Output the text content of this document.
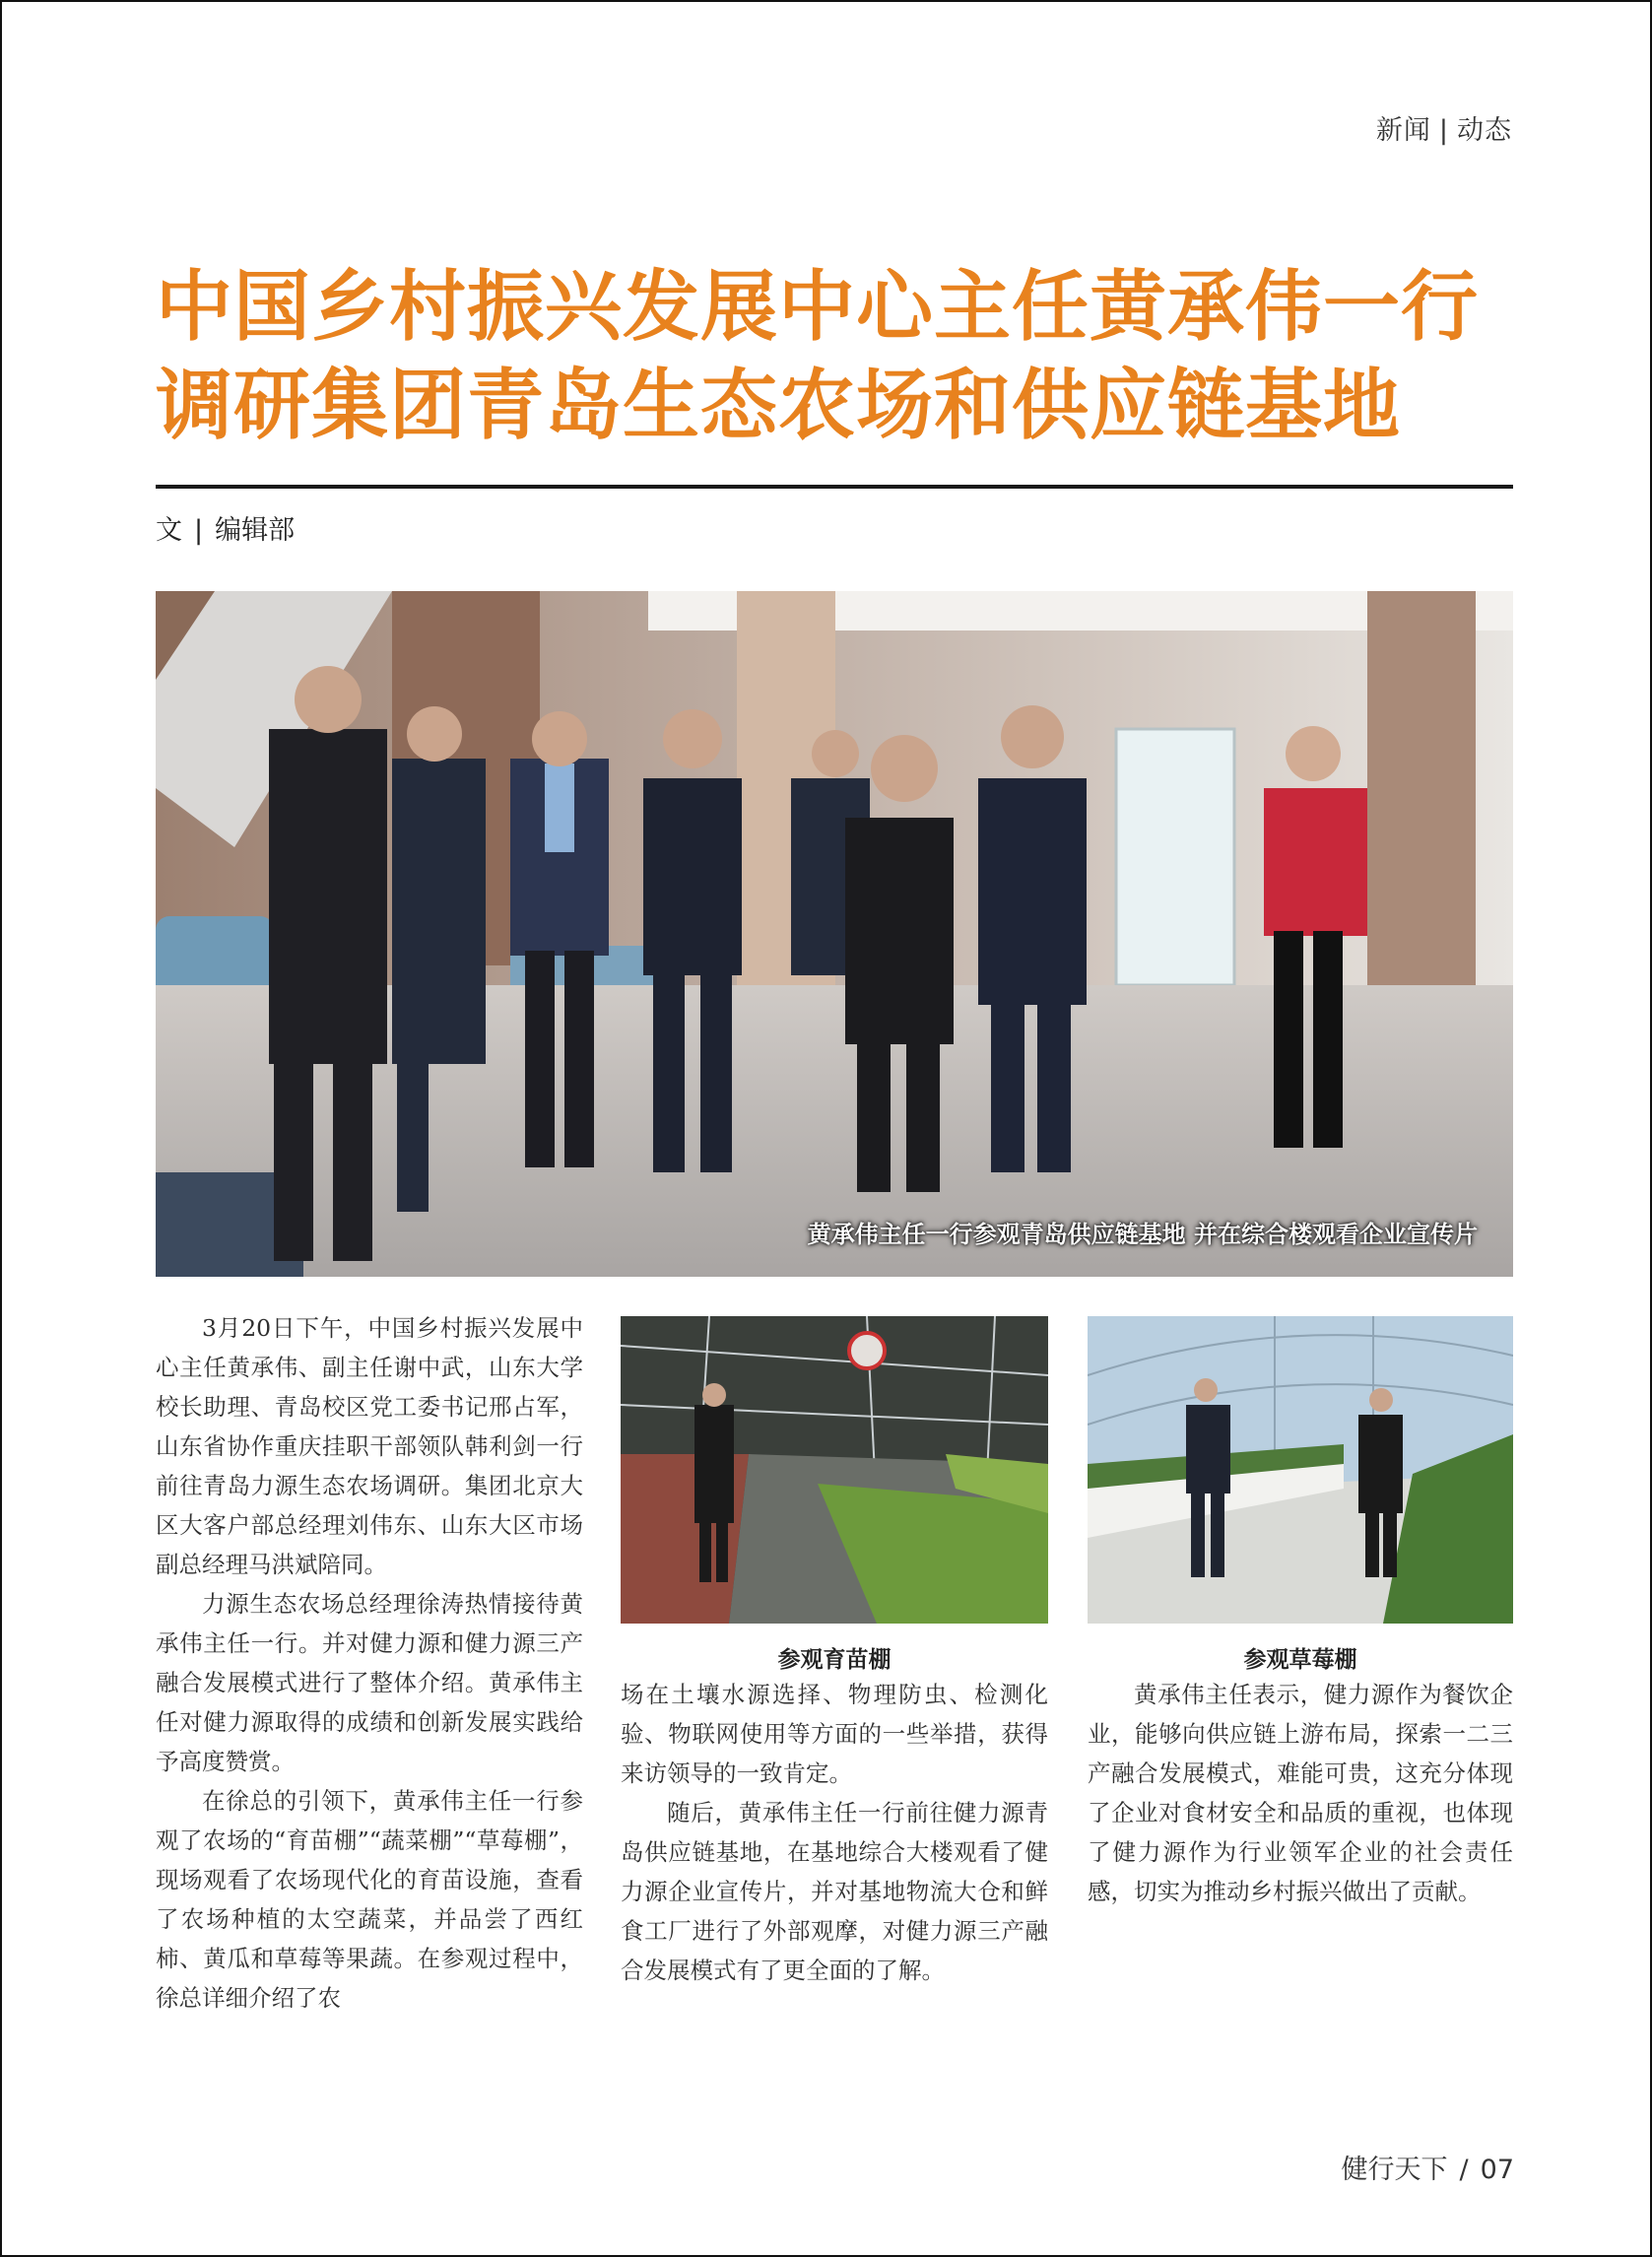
新闻 | 动态
中国乡村振兴发展中心主任黄承伟一行
调研集团青岛生态农场和供应链基地
文 | 编辑部
黄承伟主任一行参观青岛供应链基地 并在综合楼观看企业宣传片

3月20日下午，中国乡村振兴发展中心主任黄承伟、副主任谢中武，山东大学校长助理、青岛校区党工委书记邢占军，山东省协作重庆挂职干部领队韩利剑一行前往青岛力源生态农场调研。集团北京大区大客户部总经理刘伟东、山东大区市场副总经理马洪斌陪同。

力源生态农场总经理徐涛热情接待黄承伟主任一行。并对健力源和健力源三产融合发展模式进行了整体介绍。黄承伟主任对健力源取得的成绩和创新发展实践给予高度赞赏。

在徐总的引领下，黄承伟主任一行参观了农场的“育苗棚”“蔬菜棚”“草莓棚”，现场观看了农场现代化的育苗设施，查看了农场种植的太空蔬菜，并品尝了西红柿、黄瓜和草莓等果蔬。在参观过程中，徐总详细介绍了农

参观育苗棚

场在土壤水源选择、物理防虫、检测化验、物联网使用等方面的一些举措，获得来访领导的一致肯定。

随后，黄承伟主任一行前往健力源青岛供应链基地，在基地综合大楼观看了健力源企业宣传片，并对基地物流大仓和鲜食工厂进行了外部观摩，对健力源三产融合发展模式有了更全面的了解。

参观草莓棚

黄承伟主任表示，健力源作为餐饮企业，能够向供应链上游布局，探索一二三产融合发展模式，难能可贵，这充分体现了企业对食材安全和品质的重视，也体现了健力源作为行业领军企业的社会责任感，切实为推动乡村振兴做出了贡献。

健行天下 / 07
